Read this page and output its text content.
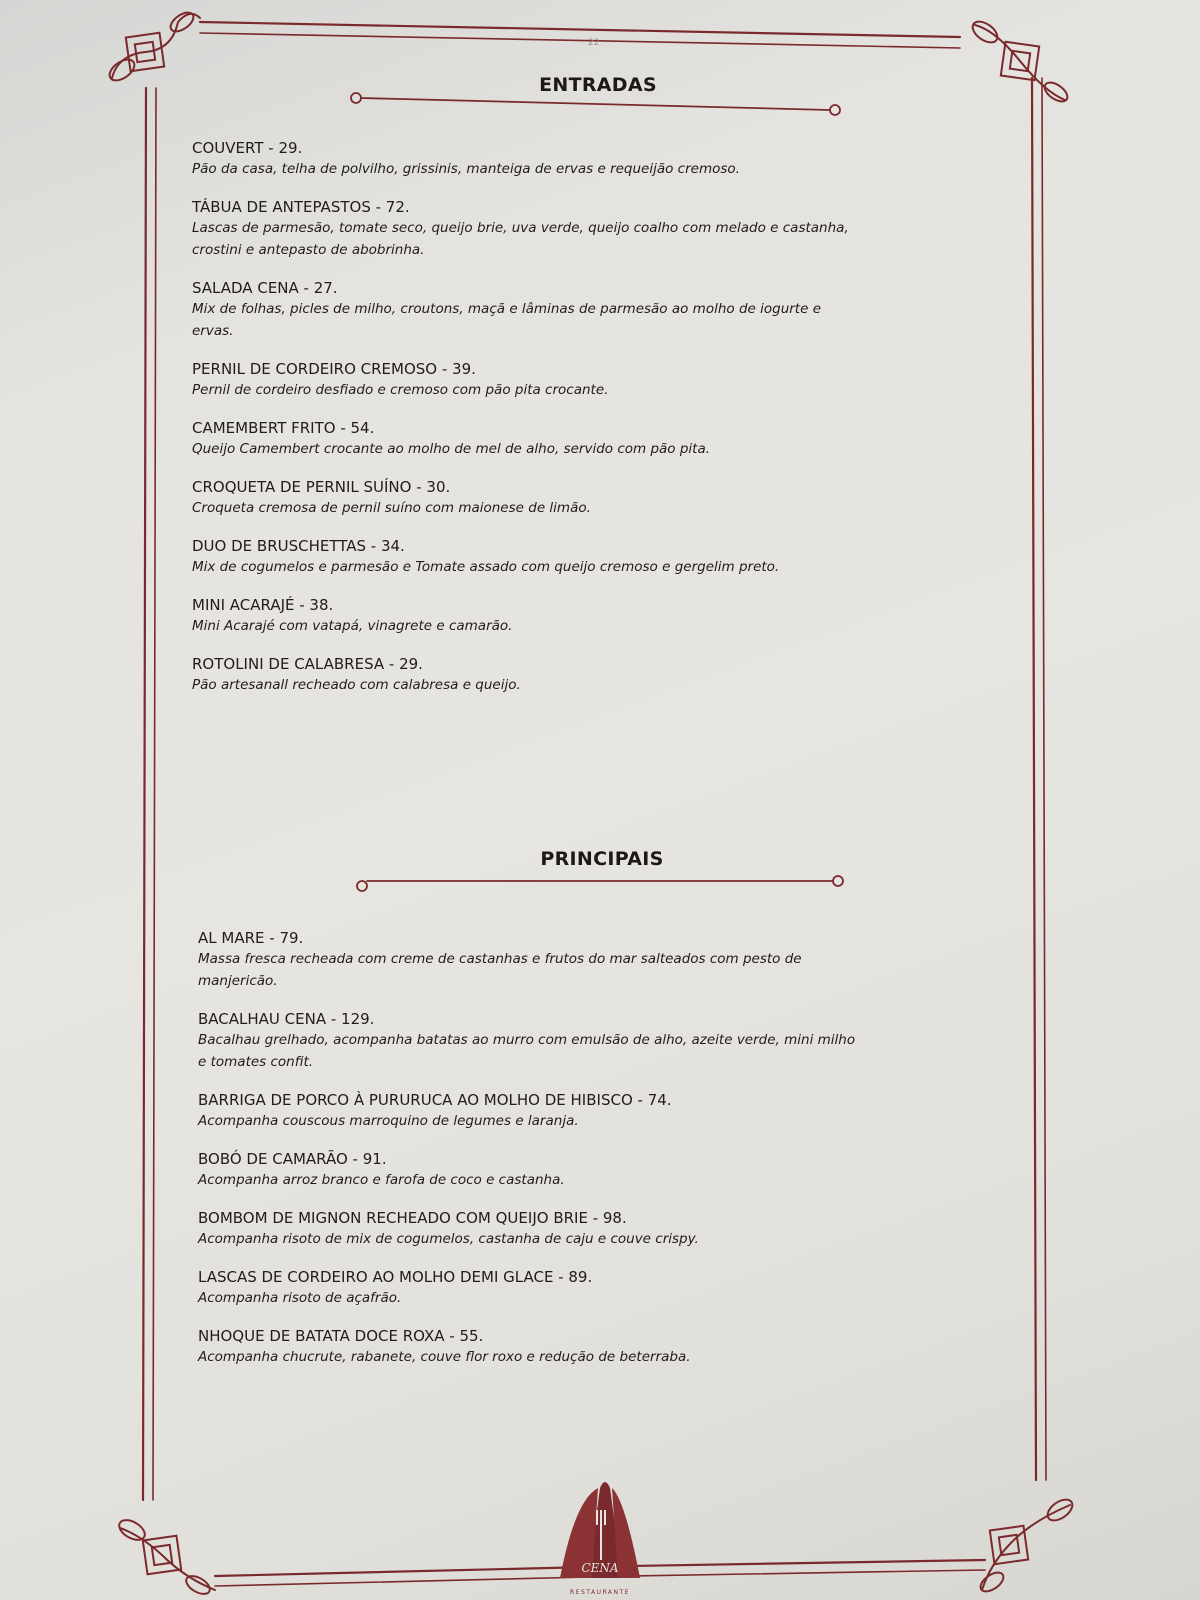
CENA
RESTAURANTE
22
ENTRADAS
COUVERT - 29.
Pão da casa, telha de polvilho, grissinis, manteiga de ervas e requeijão cremoso.
TÁBUA DE ANTEPASTOS - 72.
Lascas de parmesão, tomate seco, queijo brie, uva verde, queijo coalho com melado e castanha, crostini e antepasto de abobrinha.
SALADA CENA - 27.
Mix de folhas, picles de milho, croutons, maçã e lâminas de parmesão ao molho de iogurte e ervas.
PERNIL DE CORDEIRO CREMOSO - 39.
Pernil de cordeiro desfiado e cremoso com pão pita crocante.
CAMEMBERT FRITO - 54.
Queijo Camembert crocante ao molho de mel de alho, servido com pão pita.
CROQUETA DE PERNIL SUÍNO - 30.
Croqueta cremosa de pernil suíno com maionese de limão.
DUO DE BRUSCHETTAS - 34.
Mix de cogumelos e parmesão e Tomate assado com queijo cremoso e gergelim preto.
MINI ACARAJÉ - 38.
Mini Acarajé com vatapá, vinagrete e camarão.
ROTOLINI DE CALABRESA - 29.
Pão artesanall recheado com calabresa e queijo.
PRINCIPAIS
AL MARE - 79.
Massa fresca recheada com creme de castanhas e frutos do mar salteados com pesto de manjericão.
BACALHAU CENA - 129.
Bacalhau grelhado, acompanha batatas ao murro com emulsão de alho, azeite verde, mini milho e tomates confit.
BARRIGA DE PORCO À PURURUCA AO MOLHO DE HIBISCO - 74.
Acompanha couscous marroquino de legumes e laranja.
BOBÓ DE CAMARÃO - 91.
Acompanha arroz branco e farofa de coco e castanha.
BOMBOM DE MIGNON RECHEADO COM QUEIJO BRIE - 98.
Acompanha risoto de mix de cogumelos, castanha de caju e couve crispy.
LASCAS DE CORDEIRO AO MOLHO DEMI GLACE - 89.
Acompanha risoto de açafrão.
NHOQUE DE BATATA DOCE ROXA - 55.
Acompanha chucrute, rabanete, couve flor roxo e redução de beterraba.
